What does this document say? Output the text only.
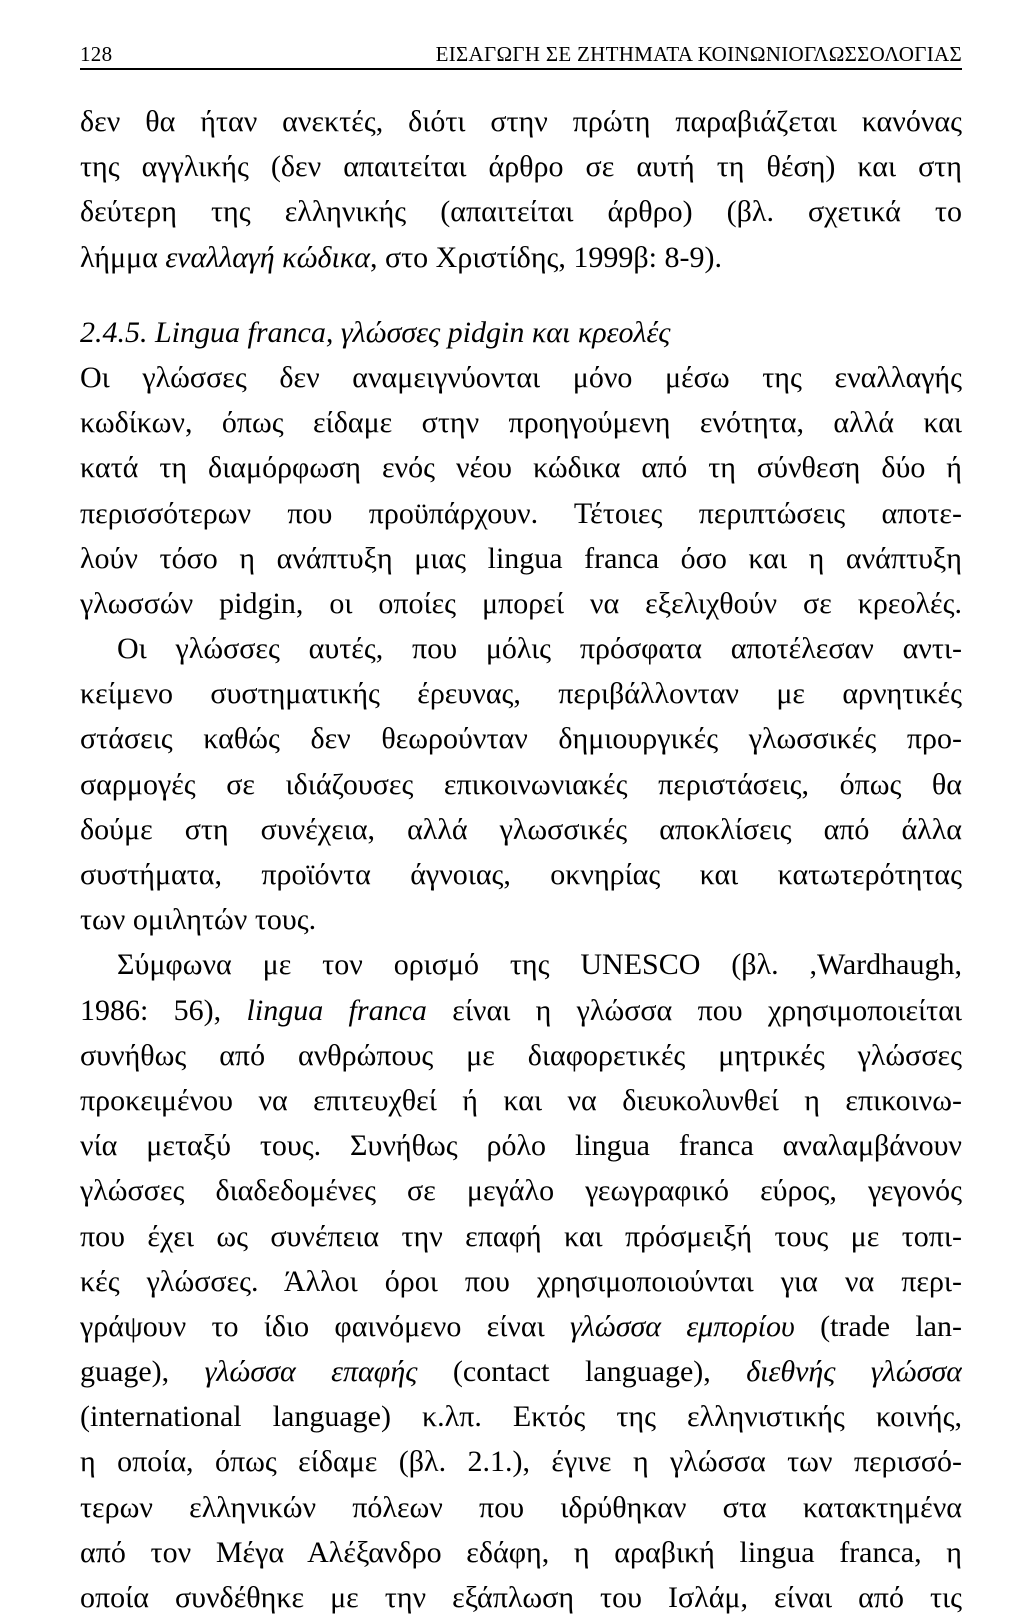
128	ΕΙΣΑΓΩΓΗ ΣΕ ΖΗΤΗΜΑΤΑ ΚΟΙΝΩΝΙΟΓΛΩΣΣΟΛΟΓΙΑΣ
δεν θα ήταν ανεκτές, διότι στην πρώτη παραβιάζεται κανόνας
της αγγλικής (δεν απαιτείται άρθρο σε αυτή τη θέση) και στη
δεύτερη της ελληνικής (απαιτείται άρθρο) (βλ. σχετικά το
λήμμα εναλλαγή κώδικα, στο Χριστίδης, 1999β: 8-9).
2.4.5. Lingua franca, γλώσσες pidgin και κρεολές
Οι γλώσσες δεν αναμειγνύονται μόνο μέσω της εναλλαγής
κωδίκων, όπως είδαμε στην προηγούμενη ενότητα, αλλά και
κατά τη διαμόρφωση ενός νέου κώδικα από τη σύνθεση δύο ή
περισσότερων που προϋπάρχουν. Τέτοιες περιπτώσεις αποτε-
λούν τόσο η ανάπτυξη μιας lingua franca όσο και η ανάπτυξη
γλωσσών pidgin, οι οποίες μπορεί να εξελιχθούν σε κρεολές.
Οι γλώσσες αυτές, που μόλις πρόσφατα αποτέλεσαν αντι-
κείμενο συστηματικής έρευνας, περιβάλλονταν με αρνητικές
στάσεις καθώς δεν θεωρούνταν δημιουργικές γλωσσικές προ-
σαρμογές σε ιδιάζουσες επικοινωνιακές περιστάσεις, όπως θα
δούμε στη συνέχεια, αλλά γλωσσικές αποκλίσεις από άλλα
συστήματα, προϊόντα άγνοιας, οκνηρίας και κατωτερότητας
των ομιλητών τους.
Σύμφωνα με τον ορισμό της UNESCO (βλ. ,Wardhaugh,
1986: 56), lingua franca είναι η γλώσσα που χρησιμοποιείται
συνήθως από ανθρώπους με διαφορετικές μητρικές γλώσσες
προκειμένου να επιτευχθεί ή και να διευκολυνθεί η επικοινω-
νία μεταξύ τους. Συνήθως ρόλο lingua franca αναλαμβάνουν
γλώσσες διαδεδομένες σε μεγάλο γεωγραφικό εύρος, γεγονός
που έχει ως συνέπεια την επαφή και πρόσμειξή τους με τοπι-
κές γλώσσες. Άλλοι όροι που χρησιμοποιούνται για να περι-
γράψουν το ίδιο φαινόμενο είναι γλώσσα εμπορίου (trade lan-
guage), γλώσσα επαφής (contact language), διεθνής γλώσσα
(international language) κ.λπ. Εκτός της ελληνιστικής κοινής,
η οποία, όπως είδαμε (βλ. 2.1.), έγινε η γλώσσα των περισσό-
τερων ελληνικών πόλεων που ιδρύθηκαν στα κατακτημένα
από τον Μέγα Αλέξανδρο εδάφη, η αραβική lingua franca, η
οποία συνδέθηκε με την εξάπλωση του Ισλάμ, είναι από τις
